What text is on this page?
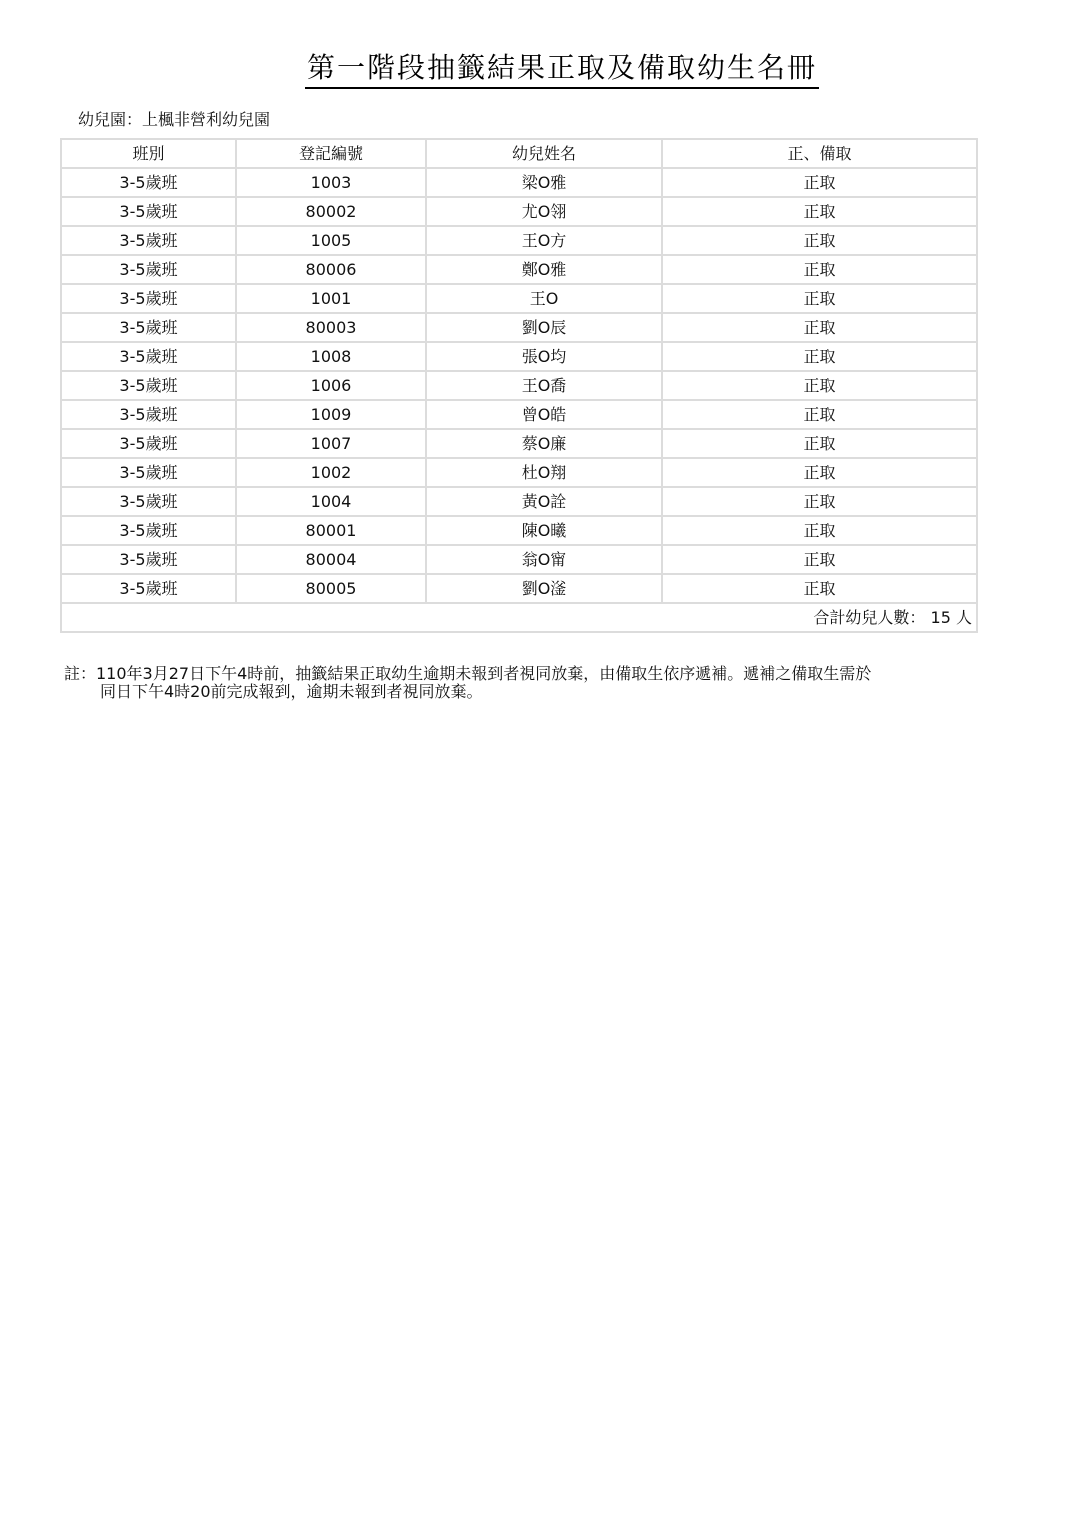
第一階段抽籤結果正取及備取幼生名冊
幼兒園：上楓非營利幼兒園
班別	登記編號	幼兒姓名	正、備取
3-5歲班	1003	梁O雅	正取
3-5歲班	80002	尤O翎	正取
3-5歲班	1005	王O方	正取
3-5歲班	80006	鄭O雅	正取
3-5歲班	1001	王O	正取
3-5歲班	80003	劉O辰	正取
3-5歲班	1008	張O均	正取
3-5歲班	1006	王O喬	正取
3-5歲班	1009	曾O皓	正取
3-5歲班	1007	蔡O廉	正取
3-5歲班	1002	杜O翔	正取
3-5歲班	1004	黃O詮	正取
3-5歲班	80001	陳O曦	正取
3-5歲班	80004	翁O甯	正取
3-5歲班	80005	劉O滏	正取
合計幼兒人數： 15 人			
註：110年3月27日下午4時前，抽籤結果正取幼生逾期未報到者視同放棄，由備取生依序遞補。遞補之備取生需於
同日下午4時20前完成報到，逾期未報到者視同放棄。
